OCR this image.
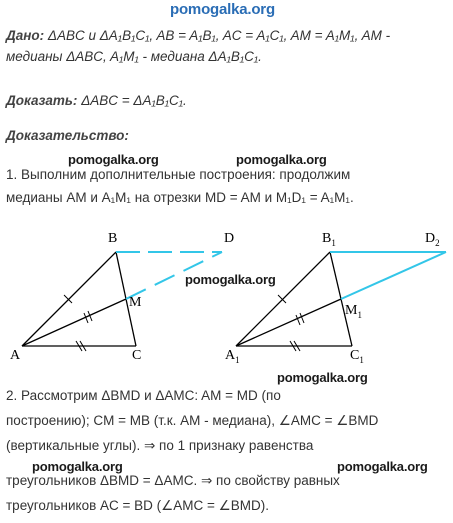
pomogalka.org
pomogalka.org	pomogalka.org
pomogalka.org
pomogalka.org
pomogalka.org	pomogalka.org
Дано: ΔABC и ΔA₁B₁C₁, AB = A₁B₁, AC = A₁C₁, AM = A₁M₁, AM - медианы ΔABC, A₁M₁ - медиана ΔA₁B₁C₁.
Доказать: ΔABC = ΔA₁B₁C₁.
Доказательство:
1. Выполним дополнительные построения: продолжим
медианы AM и A₁M₁ на отрезки MD = AM и M₁D₁ = A₁M₁.
B	D
M
A	C
$B_1$	$D_2$
$M_1$
$A_1$	$C_1$
2. Рассмотрим ΔBMD и ΔAMC: AM = MD (по
построению); CM = MB (т.к. AM - медиана), ∠AMC = ∠BMD
(вертикальные углы). ⇒ по 1 признаку равенства
треугольников ΔBMD = ΔAMC. ⇒ по свойству равных
треугольников AC = BD (∠AMC = ∠BMD).
